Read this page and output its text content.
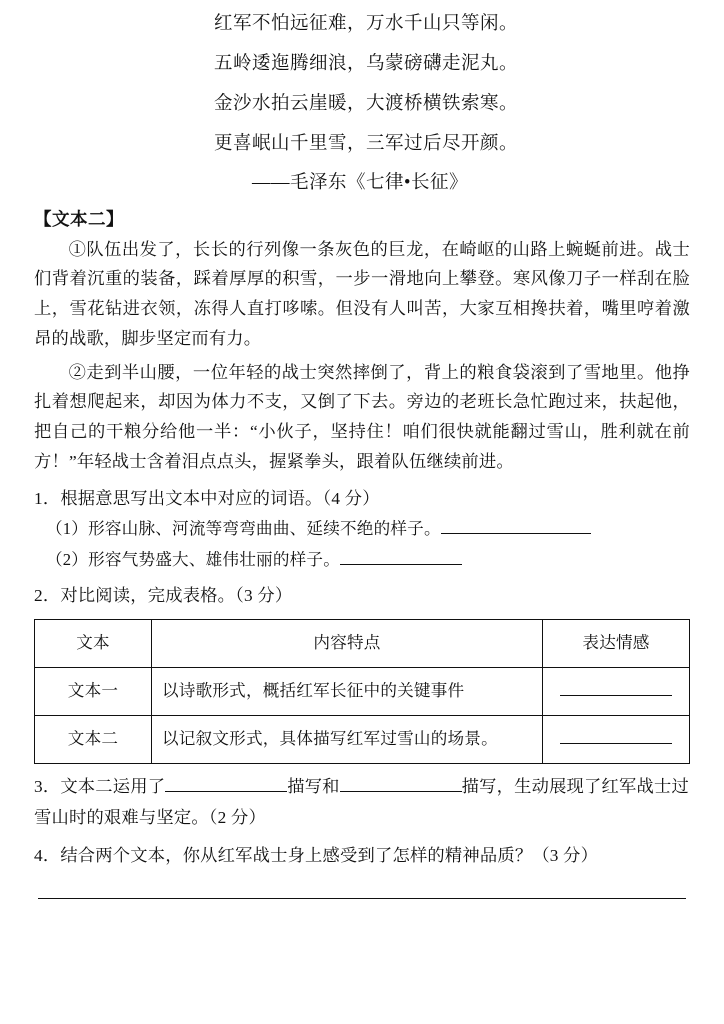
红军不怕远征难，万水千山只等闲。

五岭逶迤腾细浪，乌蒙磅礴走泥丸。

金沙水拍云崖暖，大渡桥横铁索寒。

更喜岷山千里雪，三军过后尽开颜。

——毛泽东《七律•长征》

【文本二】

①队伍出发了，长长的行列像一条灰色的巨龙，在崎岖的山路上蜿蜒前进。战士们背着沉重的装备，踩着厚厚的积雪，一步一滑地向上攀登。寒风像刀子一样刮在脸上，雪花钻进衣领，冻得人直打哆嗦。但没有人叫苦，大家互相搀扶着，嘴里哼着激昂的战歌，脚步坚定而有力。

②走到半山腰，一位年轻的战士突然摔倒了，背上的粮食袋滚到了雪地里。他挣扎着想爬起来，却因为体力不支，又倒了下去。旁边的老班长急忙跑过来，扶起他，把自己的干粮分给他一半：“小伙子，坚持住！咱们很快就能翻过雪山，胜利就在前方！”年轻战士含着泪点点头，握紧拳头，跟着队伍继续前进。

1．根据意思写出文本中对应的词语。（4 分）

（1）形容山脉、河流等弯弯曲曲、延续不绝的样子。

（2）形容气势盛大、雄伟壮丽的样子。

2．对比阅读，完成表格。（3 分）

文本	内容特点	表达情感
文本一	以诗歌形式，概括红军长征中的关键事件	
文本二	以记叙文形式，具体描写红军过雪山的场景。	

3．文本二运用了	描写和	描写，生动展现了红军战士过雪山时的艰难与坚定。（2 分）

4．结合两个文本，你从红军战士身上感受到了怎样的精神品质？（3 分）
